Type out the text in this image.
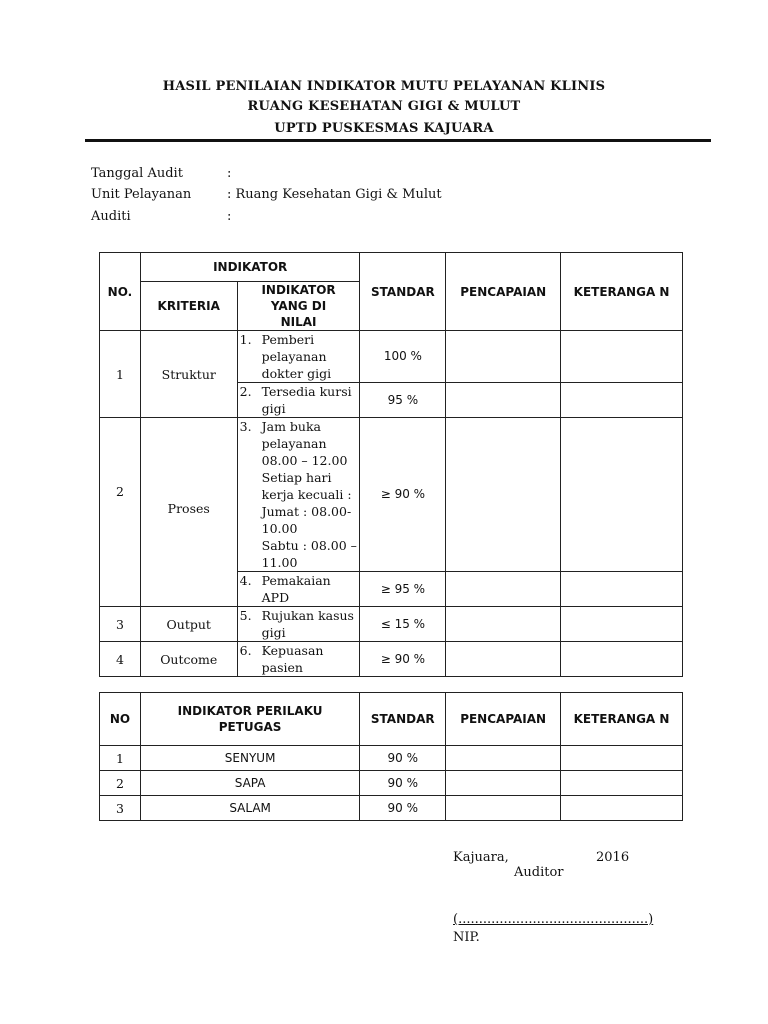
HASIL PENILAIAN INDIKATOR MUTU PELAYANAN KLINIS
RUANG KESEHATAN GIGI & MULUT
UPTD PUSKESMAS KAJUARA
Tanggal Audit	:
Unit Pelayanan	: Ruang Kesehatan Gigi & Mulut
Auditi	:
NO.	INDIKATOR		STANDAR	PENCAPAIAN	KETERANGA N
	KRITERIA	INDIKATOR YANG DI NILAI			
1	Struktur	1. Pemberi pelayanan dokter gigi	100 %		

		2. Tersedia kursi gigi	95 %		
2	Proses	3. Jam buka pelayanan 08.00 – 12.00
Setiap hari kerja kecuali : Jumat : 08.00- 10.00
Sabtu : 08.00 – 11.00	≥ 90 %		

		4. Pemakaian APD	≥ 95 %		
3	Output	5. Rujukan kasus gigi	≤ 15 %		
4	Outcome	6. Kepuasan pasien	≥ 90 %		
NO	INDIKATOR PERILAKU PETUGAS	STANDAR	PENCAPAIAN	KETERANGA N
1	SENYUM	90 %		
2	SAPA	90 %		
3	SALAM	90 %		
Kajuara,	2016
Auditor
(..............................................)
NIP.
